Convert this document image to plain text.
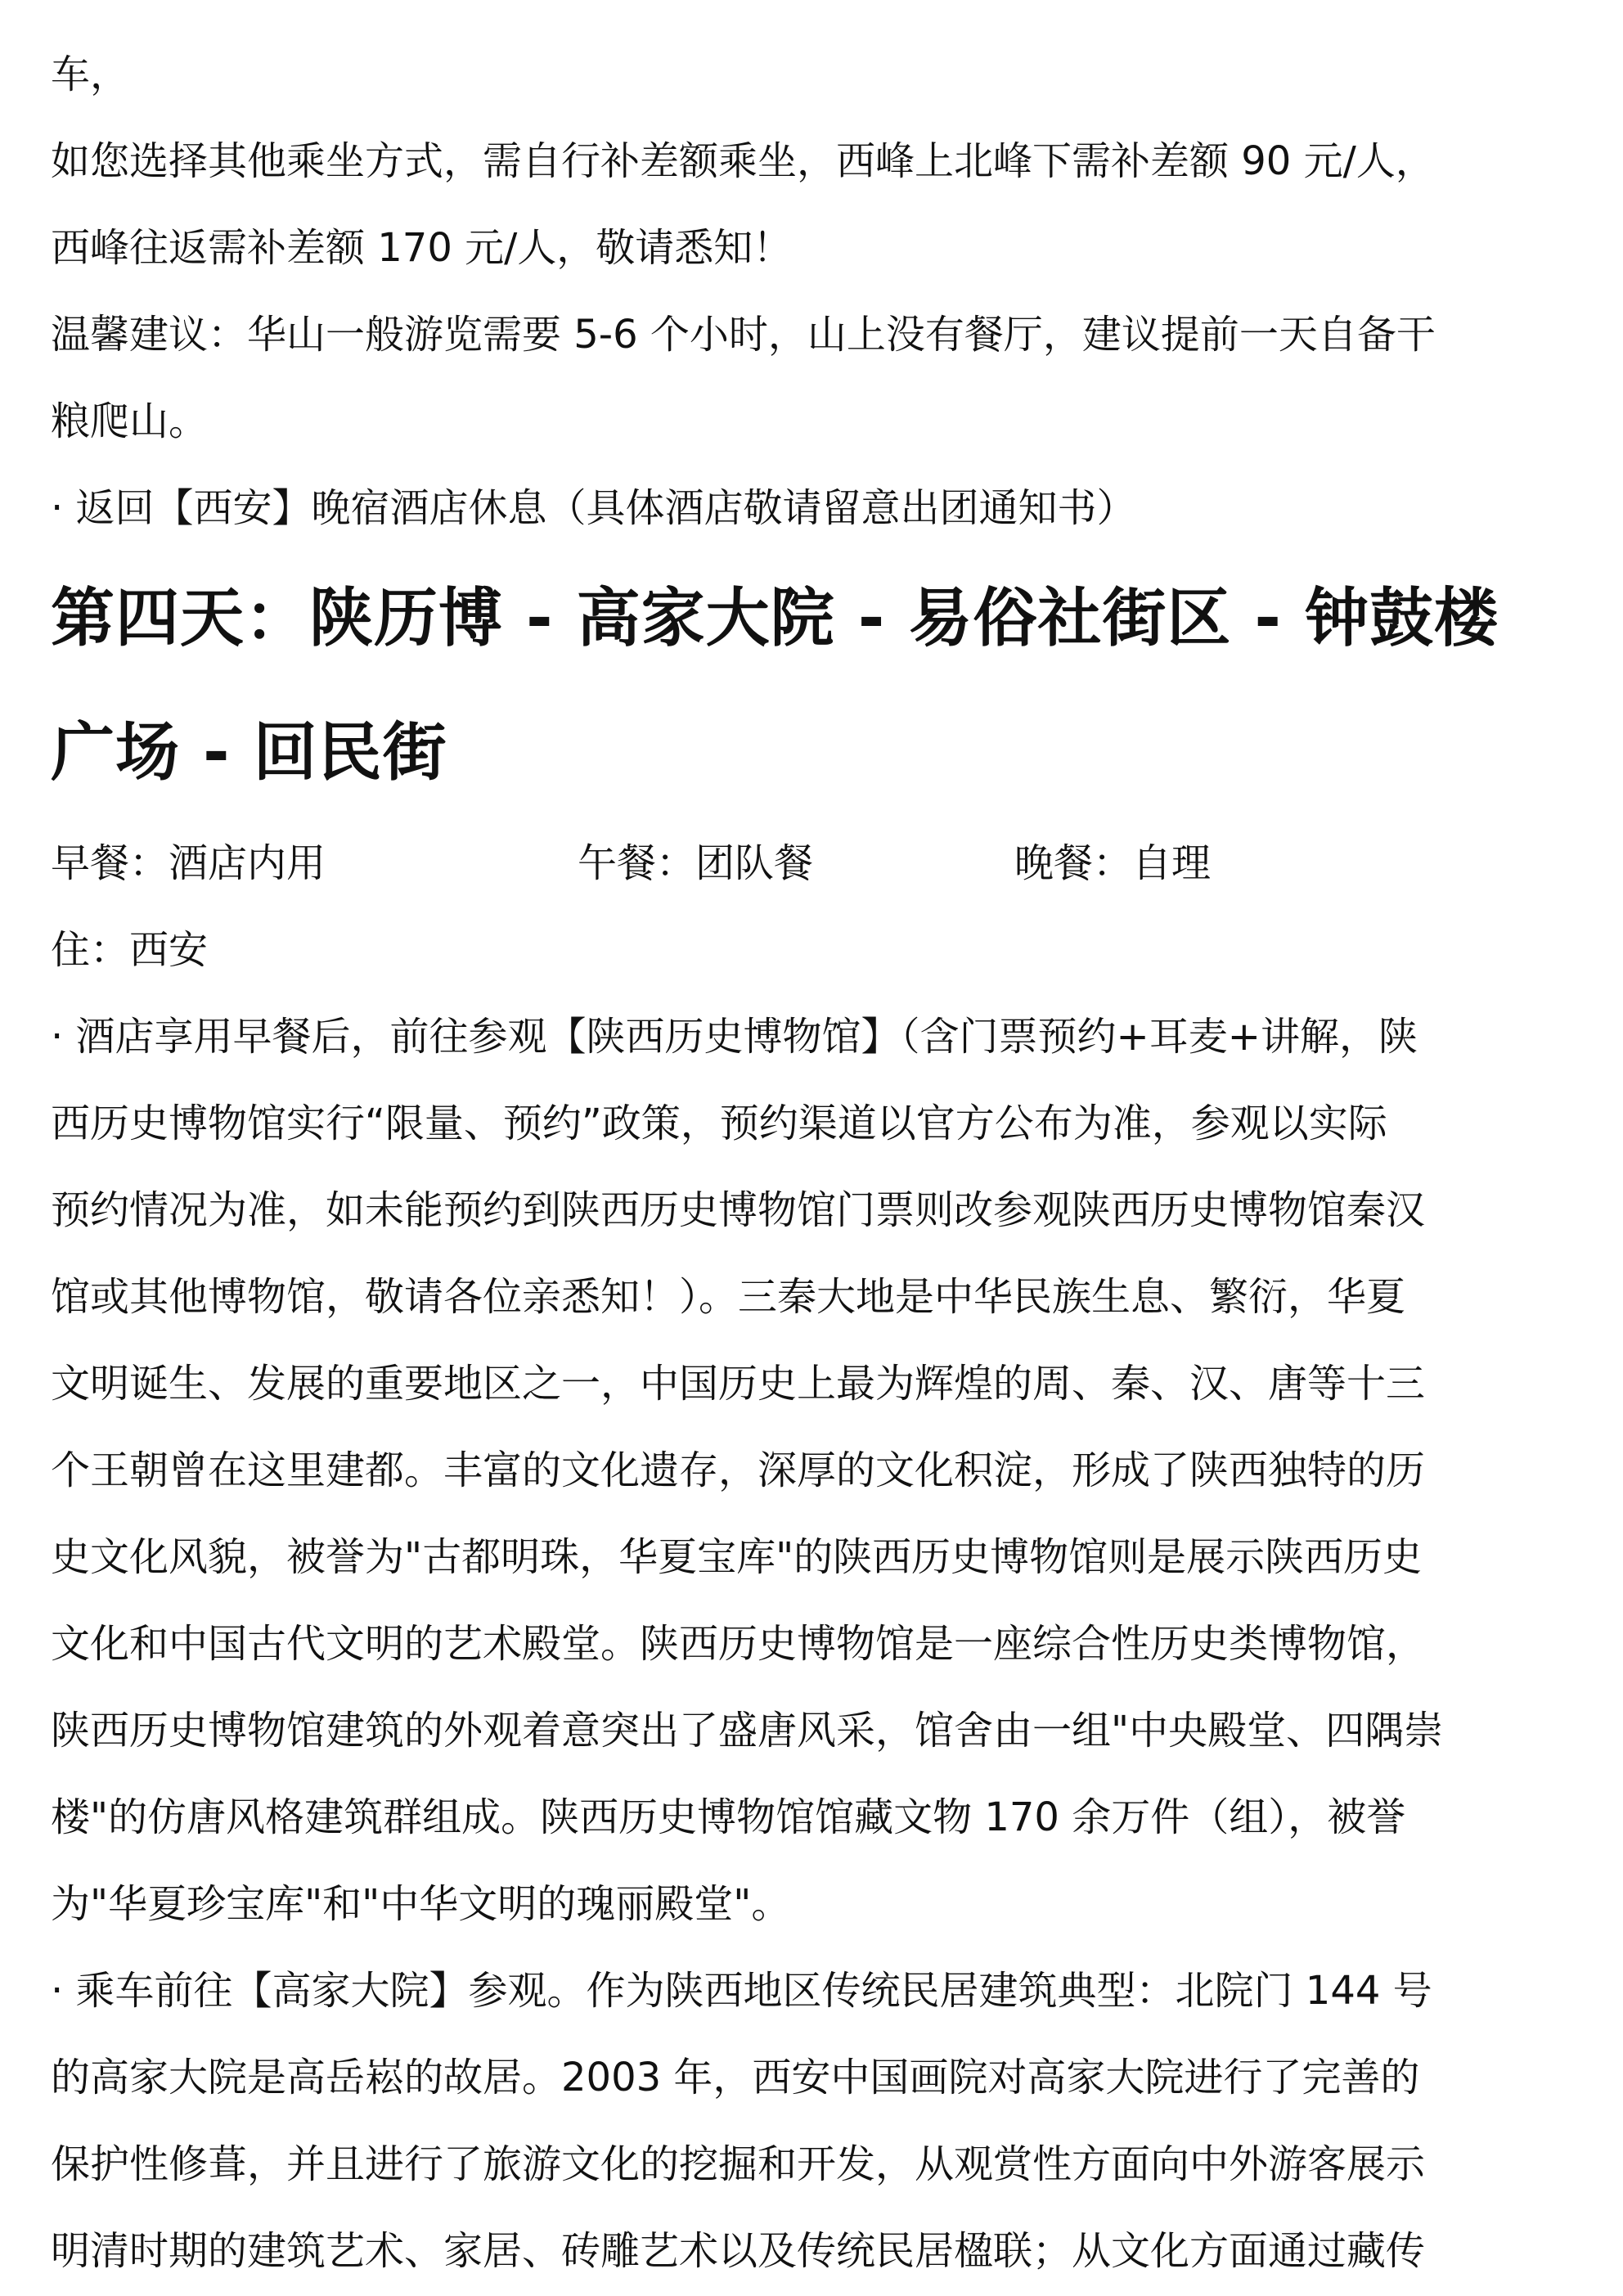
车，

如您选择其他乘坐方式，需自行补差额乘坐，西峰上北峰下需补差额 90 元/人，

西峰往返需补差额 170 元/人，敬请悉知！

温馨建议：华山一般游览需要 5-6 个小时，山上没有餐厅，建议提前一天自备干

粮爬山。

· 返回【西安】晚宿酒店休息（具体酒店敬请留意出团通知书）

第四天：陕历博 - 高家大院 - 易俗社街区 - 钟鼓楼

广场 - 回民街

早餐：酒店内用

	午餐：团队餐

	晚餐：自理

住：西安

· 酒店享用早餐后，前往参观【陕西历史博物馆】（含门票预约+耳麦+讲解，陕

西历史博物馆实行“限量、预约”政策，预约渠道以官方公布为准，参观以实际

预约情况为准，如未能预约到陕西历史博物馆门票则改参观陕西历史博物馆秦汉

馆或其他博物馆，敬请各位亲悉知！）。三秦大地是中华民族生息、繁衍，华夏

文明诞生、发展的重要地区之一，中国历史上最为辉煌的周、秦、汉、唐等十三

个王朝曾在这里建都。丰富的文化遗存，深厚的文化积淀，形成了陕西独特的历

史文化风貌，被誉为"古都明珠，华夏宝库"的陕西历史博物馆则是展示陕西历史

文化和中国古代文明的艺术殿堂。陕西历史博物馆是一座综合性历史类博物馆，

陕西历史博物馆建筑的外观着意突出了盛唐风采，馆舍由一组"中央殿堂、四隅崇

楼"的仿唐风格建筑群组成。陕西历史博物馆馆藏文物 170 余万件（组），被誉

为"华夏珍宝库"和"中华文明的瑰丽殿堂"。

· 乘车前往【高家大院】参观。作为陕西地区传统民居建筑典型：北院门 144 号

的高家大院是高岳崧的故居。2003 年，西安中国画院对高家大院进行了完善的

保护性修葺，并且进行了旅游文化的挖掘和开发，从观赏性方面向中外游客展示

明清时期的建筑艺术、家居、砖雕艺术以及传统民居楹联；从文化方面通过藏传
